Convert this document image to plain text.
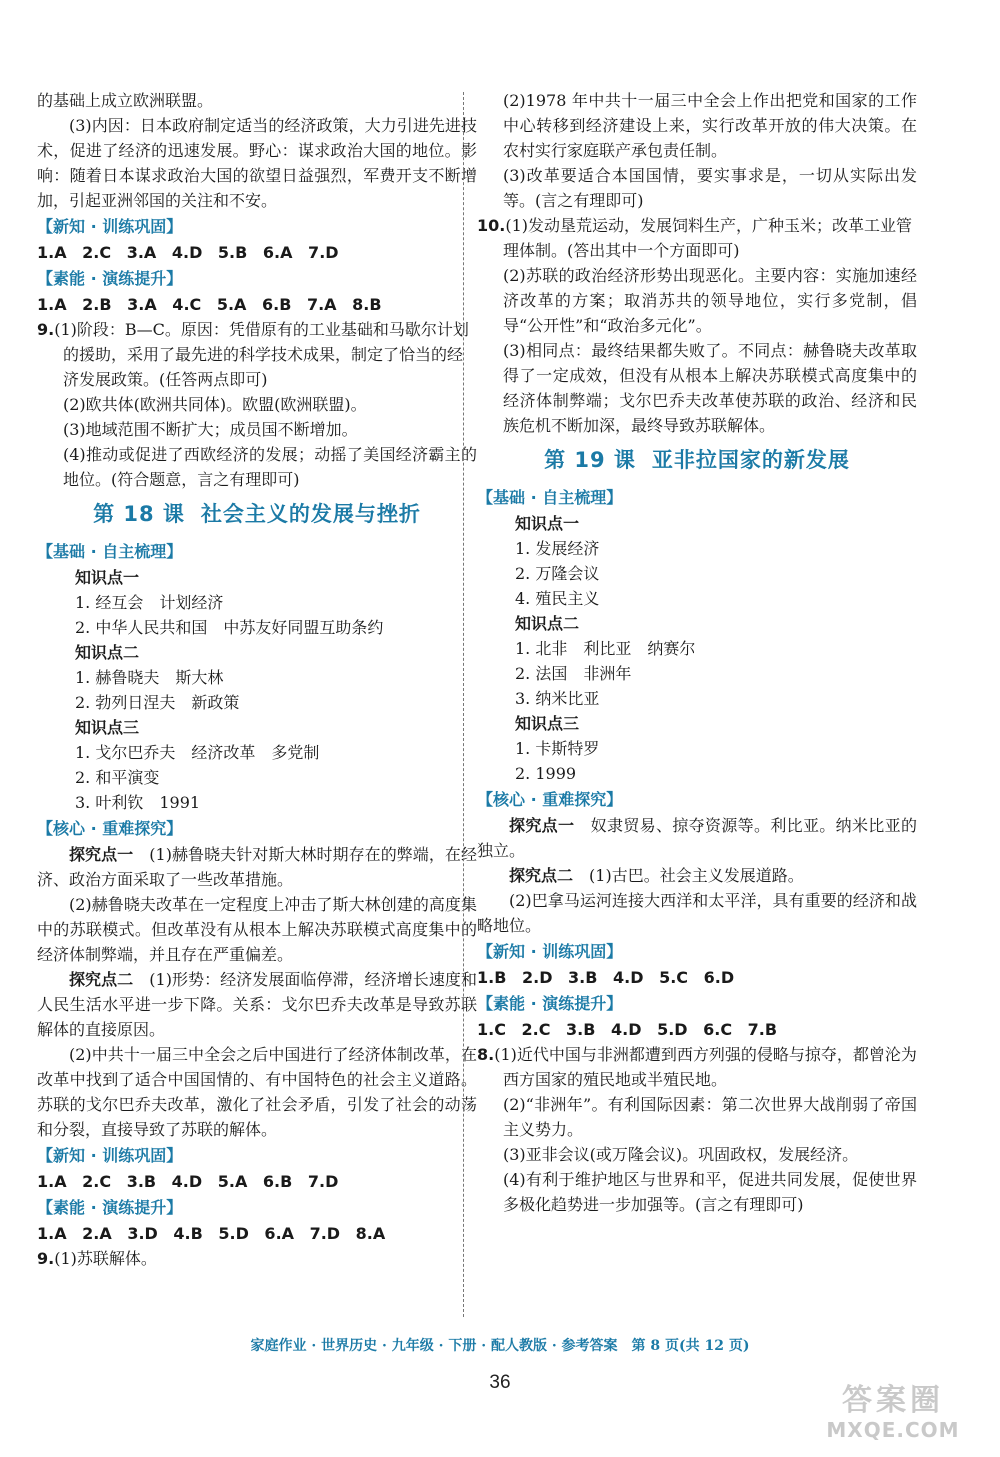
的基础上成立欧洲联盟。

(3)内因：日本政府制定适当的经济政策，大力引进先进技术，促进了经济的迅速发展。野心：谋求政治大国的地位。影响：随着日本谋求政治大国的欲望日益强烈，军费开支不断增加，引起亚洲邻国的关注和不安。

【新知 · 训练巩固】

1.A 2.C 3.A 4.D 5.B 6.A 7.D

【素能 · 演练提升】

1.A 2.B 3.A 4.C 5.A 6.B 7.A 8.B

9.(1)阶段：B—C。原因：凭借原有的工业基础和马歇尔计划的援助，采用了最先进的科学技术成果，制定了恰当的经济发展政策。(任答两点即可)

(2)欧共体(欧洲共同体)。欧盟(欧洲联盟)。

(3)地域范围不断扩大；成员国不断增加。

(4)推动或促进了西欧经济的发展；动摇了美国经济霸主的地位。(符合题意，言之有理即可)

第 18 课 社会主义的发展与挫折
【基础 · 自主梳理】
知识点一
1. 经互会　计划经济
2. 中华人民共和国　中苏友好同盟互助条约
知识点二
1. 赫鲁晓夫　斯大林
2. 勃列日涅夫　新政策
知识点三
1. 戈尔巴乔夫　经济改革　多党制
2. 和平演变
3. 叶利钦　1991
【核心 · 重难探究】

探究点一　 (1)赫鲁晓夫针对斯大林时期存在的弊端，在经济、政治方面采取了一些改革措施。

(2)赫鲁晓夫改革在一定程度上冲击了斯大林创建的高度集中的苏联模式。但改革没有从根本上解决苏联模式高度集中的经济体制弊端，并且存在严重偏差。

探究点二　 (1)形势：经济发展面临停滞，经济增长速度和人民生活水平进一步下降。关系：戈尔巴乔夫改革是导致苏联解体的直接原因。

(2)中共十一届三中全会之后中国进行了经济体制改革，在改革中找到了适合中国国情的、有中国特色的社会主义道路。苏联的戈尔巴乔夫改革，激化了社会矛盾，引发了社会的动荡和分裂，直接导致了苏联的解体。

【新知 · 训练巩固】

1.A 2.C 3.B 4.D 5.A 6.B 7.D

【素能 · 演练提升】

1.A 2.A 3.D 4.B 5.D 6.A 7.D 8.A

9.(1)苏联解体。

(2)1978 年中共十一届三中全会上作出把党和国家的工作中心转移到经济建设上来，实行改革开放的伟大决策。在农村实行家庭联产承包责任制。

(3)改革要适合本国国情，要实事求是，一切从实际出发等。(言之有理即可)

10.(1)发动垦荒运动，发展饲料生产，广种玉米；改革工业管理体制。(答出其中一个方面即可)

(2)苏联的政治经济形势出现恶化。主要内容：实施加速经济改革的方案；取消苏共的领导地位，实行多党制，倡导“公开性”和“政治多元化”。

(3)相同点：最终结果都失败了。不同点：赫鲁晓夫改革取得了一定成效，但没有从根本上解决苏联模式高度集中的经济体制弊端；戈尔巴乔夫改革使苏联的政治、经济和民族危机不断加深，最终导致苏联解体。

第 19 课 亚非拉国家的新发展
【基础 · 自主梳理】
知识点一
1. 发展经济
2. 万隆会议
4. 殖民主义
知识点二
1. 北非　利比亚　纳赛尔
2. 法国　非洲年
3. 纳米比亚
知识点三
1. 卡斯特罗
2. 1999
【核心 · 重难探究】

探究点一　 奴隶贸易、掠夺资源等。利比亚。纳米比亚的独立。

探究点二　 (1)古巴。社会主义发展道路。

(2)巴拿马运河连接大西洋和太平洋，具有重要的经济和战略地位。

【新知 · 训练巩固】

1.B 2.D 3.B 4.D 5.C 6.D

【素能 · 演练提升】

1.C 2.C 3.B 4.D 5.D 6.C 7.B

8.(1)近代中国与非洲都遭到西方列强的侵略与掠夺，都曾沦为西方国家的殖民地或半殖民地。

(2)“非洲年”。有利国际因素：第二次世界大战削弱了帝国主义势力。

(3)亚非会议(或万隆会议)。巩固政权，发展经济。

(4)有利于维护地区与世界和平，促进共同发展，促使世界多极化趋势进一步加强等。(言之有理即可)

家庭作业 · 世界历史 · 九年级 · 下册 · 配人教版 · 参考答案　第 8 页(共 12 页)
36
答案圈
MXQE.COM
